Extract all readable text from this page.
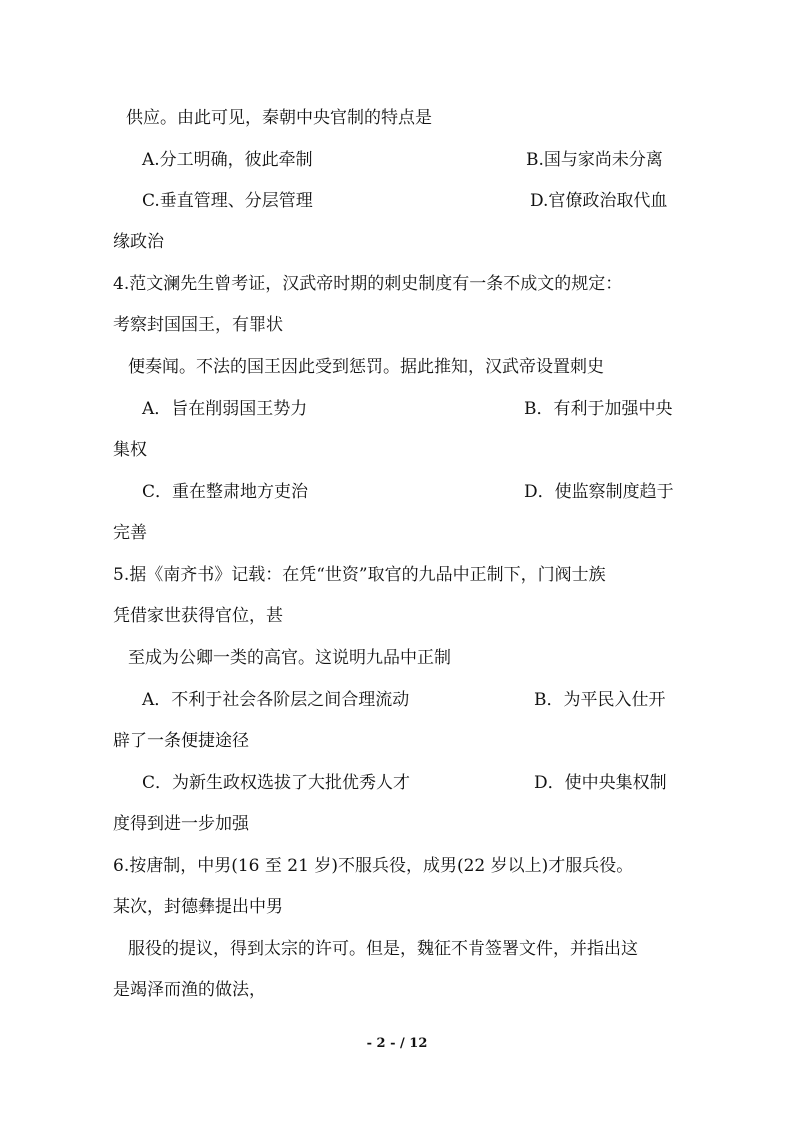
供应。由此可见，秦朝中央官制的特点是
A.分工明确，彼此牵制	B.国与家尚未分离
C.垂直管理、分层管理	D.官僚政治取代血
缘政治
4.范文澜先生曾考证，汉武帝时期的刺史制度有一条不成文的规定：
考察封国国王，有罪状
便奏闻。不法的国王因此受到惩罚。据此推知，汉武帝设置刺史
A．旨在削弱国王势力	B．有利于加强中央
集权
C．重在整肃地方吏治	D．使监察制度趋于
完善
5.据《南齐书》记载：在凭“世资”取官的九品中正制下，门阀士族
凭借家世获得官位，甚
至成为公卿一类的高官。这说明九品中正制
A．不利于社会各阶层之间合理流动	B．为平民入仕开
辟了一条便捷途径
C．为新生政权选拔了大批优秀人才	D．使中央集权制
度得到进一步加强
6.按唐制，中男(16 至 21 岁)不服兵役，成男(22 岁以上)才服兵役。
某次，封德彝提出中男
服役的提议，得到太宗的许可。但是，魏征不肯签署文件，并指出这
是竭泽而渔的做法，
- 2 - / 12
